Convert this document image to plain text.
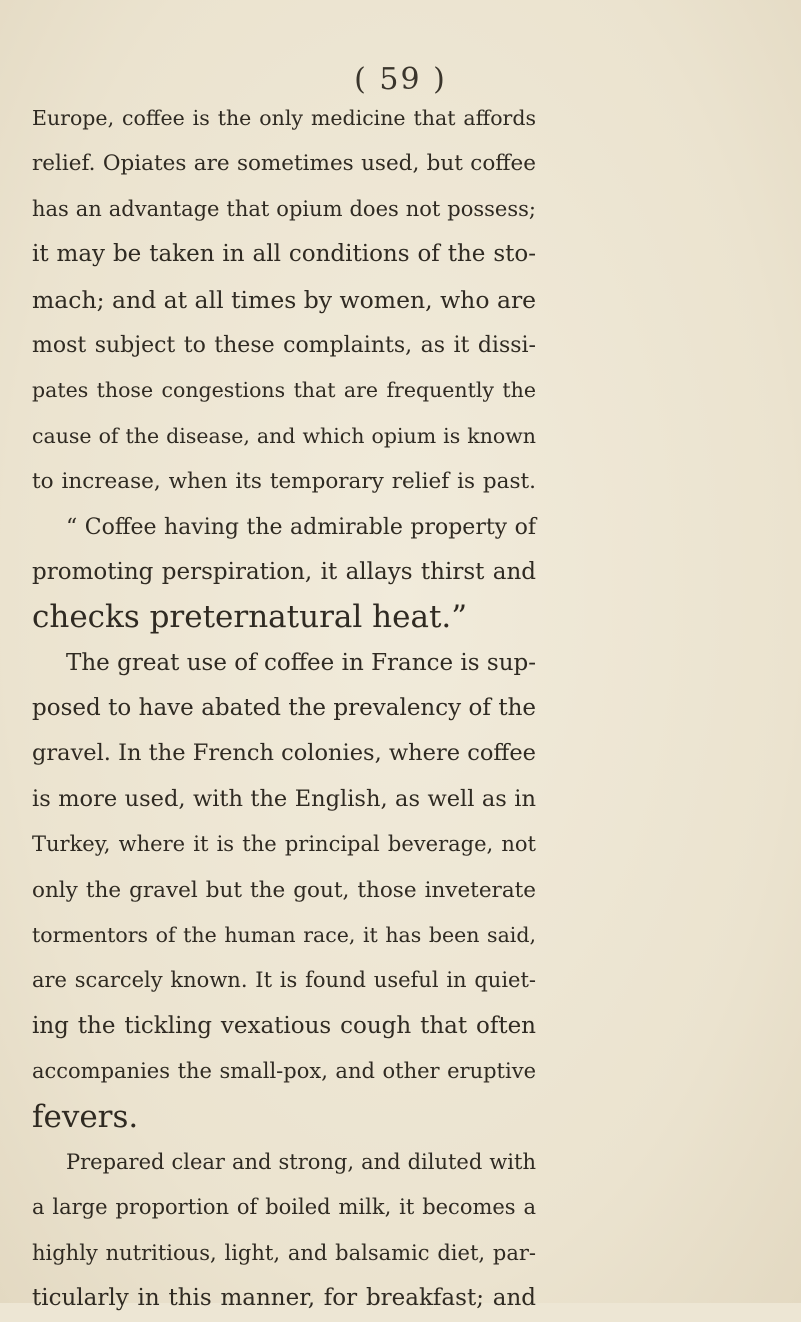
( 59 )
Europe, coffee is the only medicine that affords
relief. Opiates are sometimes used, but coffee
has an advantage that opium does not possess;
it may be taken in all conditions of the sto-
mach; and at all times by women, who are
most subject to these complaints, as it dissi-
pates those congestions that are frequently the
cause of the disease, and which opium is known
to increase, when its temporary relief is past.
“ Coffee having the admirable property of
promoting perspiration, it allays thirst and
checks preternatural heat.”
The great use of coffee in France is sup-
posed to have abated the prevalency of the
gravel. In the French colonies, where coffee
is more used, with the English, as well as in
Turkey, where it is the principal beverage, not
only the gravel but the gout, those inveterate
tormentors of the human race, it has been said,
are scarcely known. It is found useful in quiet-
ing the tickling vexatious cough that often
accompanies the small-pox, and other eruptive
fevers.
Prepared clear and strong, and diluted with
a large proportion of boiled milk, it becomes a
highly nutritious, light, and balsamic diet, par-
ticularly in this manner, for breakfast; and
